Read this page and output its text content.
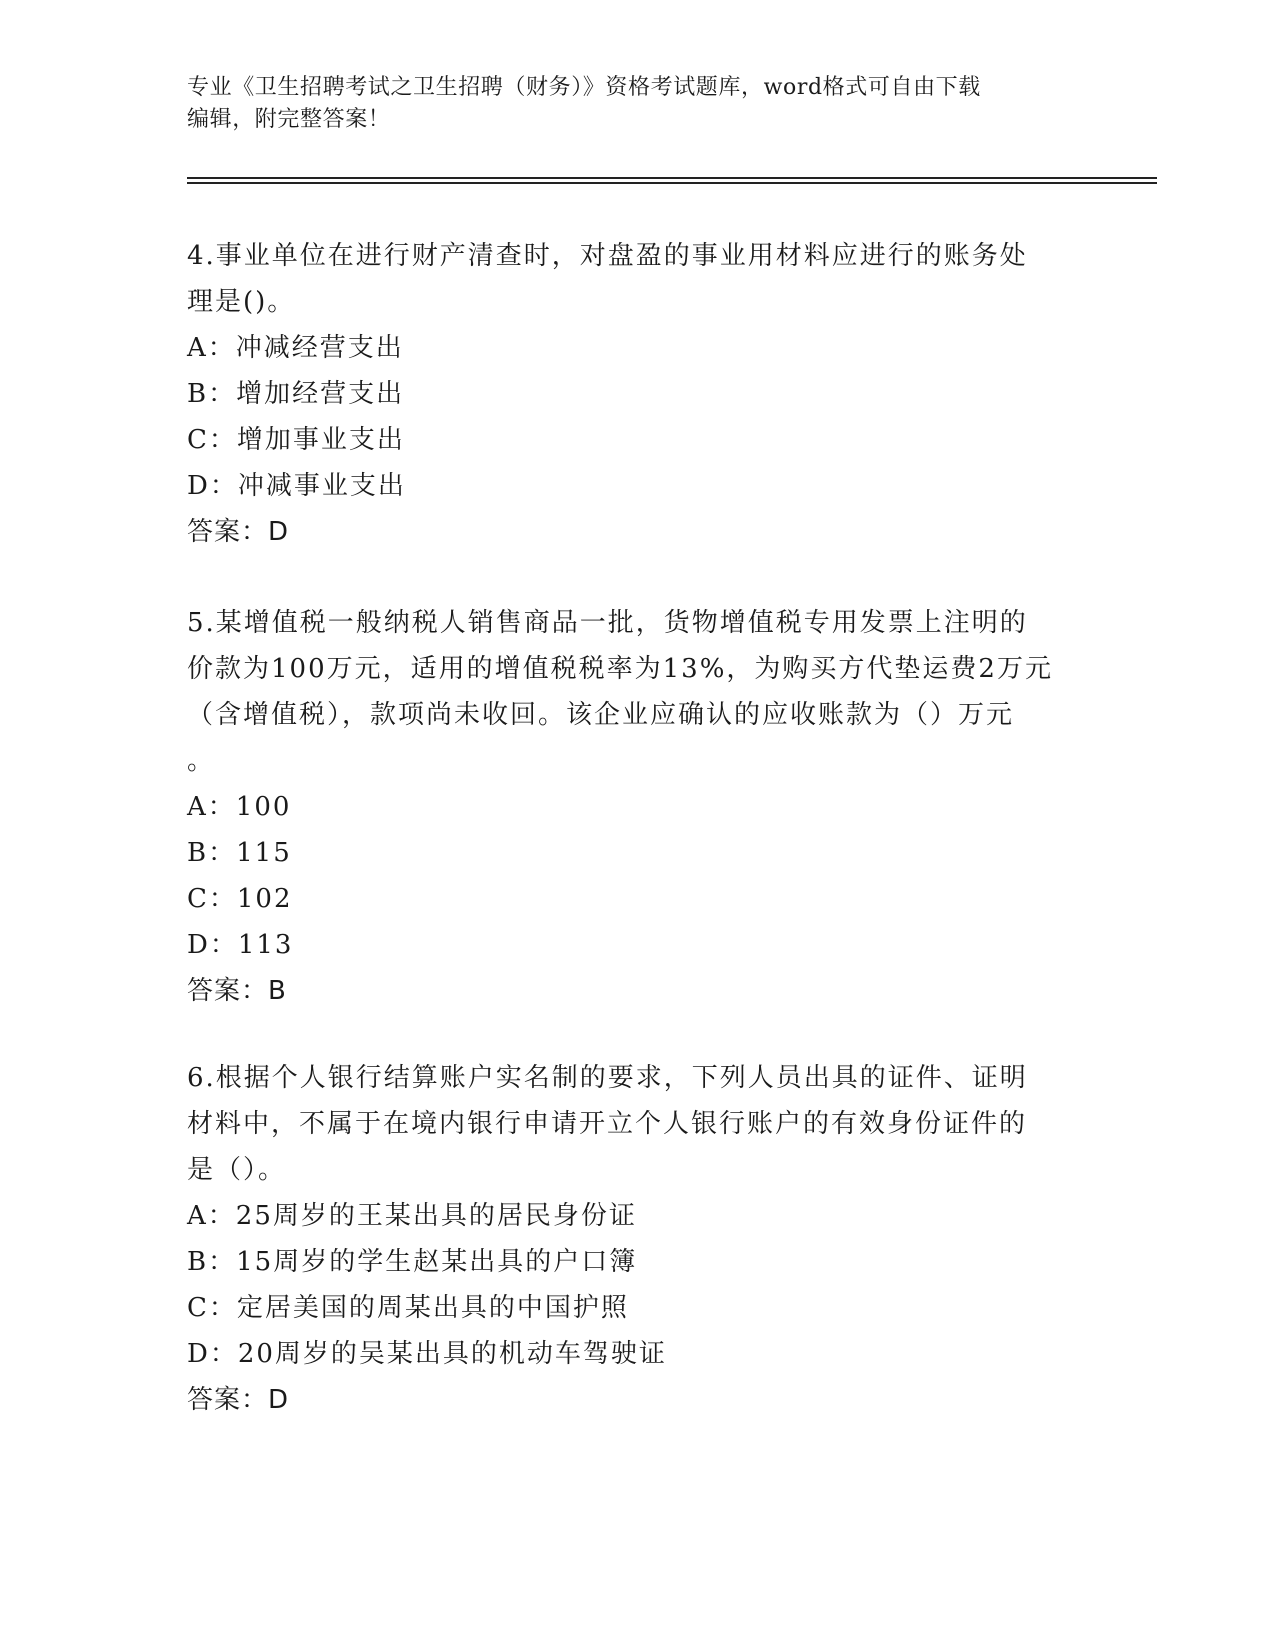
专业《卫生招聘考试之卫生招聘（财务）》资格考试题库，word格式可自由下载
编辑，附完整答案！

4.事业单位在进行财产清查时，对盘盈的事业用材料应进行的账务处
理是()。

A：冲减经营支出
B：增加经营支出
C：增加事业支出
D：冲减事业支出
答案：D

5.某增值税一般纳税人销售商品一批，货物增值税专用发票上注明的
价款为100万元，适用的增值税税率为13%，为购买方代垫运费2万元
（含增值税），款项尚未收回。该企业应确认的应收账款为（）万元
。

A：100
B：115
C：102
D：113
答案：B

6.根据个人银行结算账户实名制的要求，下列人员出具的证件、证明
材料中，不属于在境内银行申请开立个人银行账户的有效身份证件的
是（）。

A：25周岁的王某出具的居民身份证
B：15周岁的学生赵某出具的户口簿
C：定居美国的周某出具的中国护照
D：20周岁的吴某出具的机动车驾驶证
答案：D
